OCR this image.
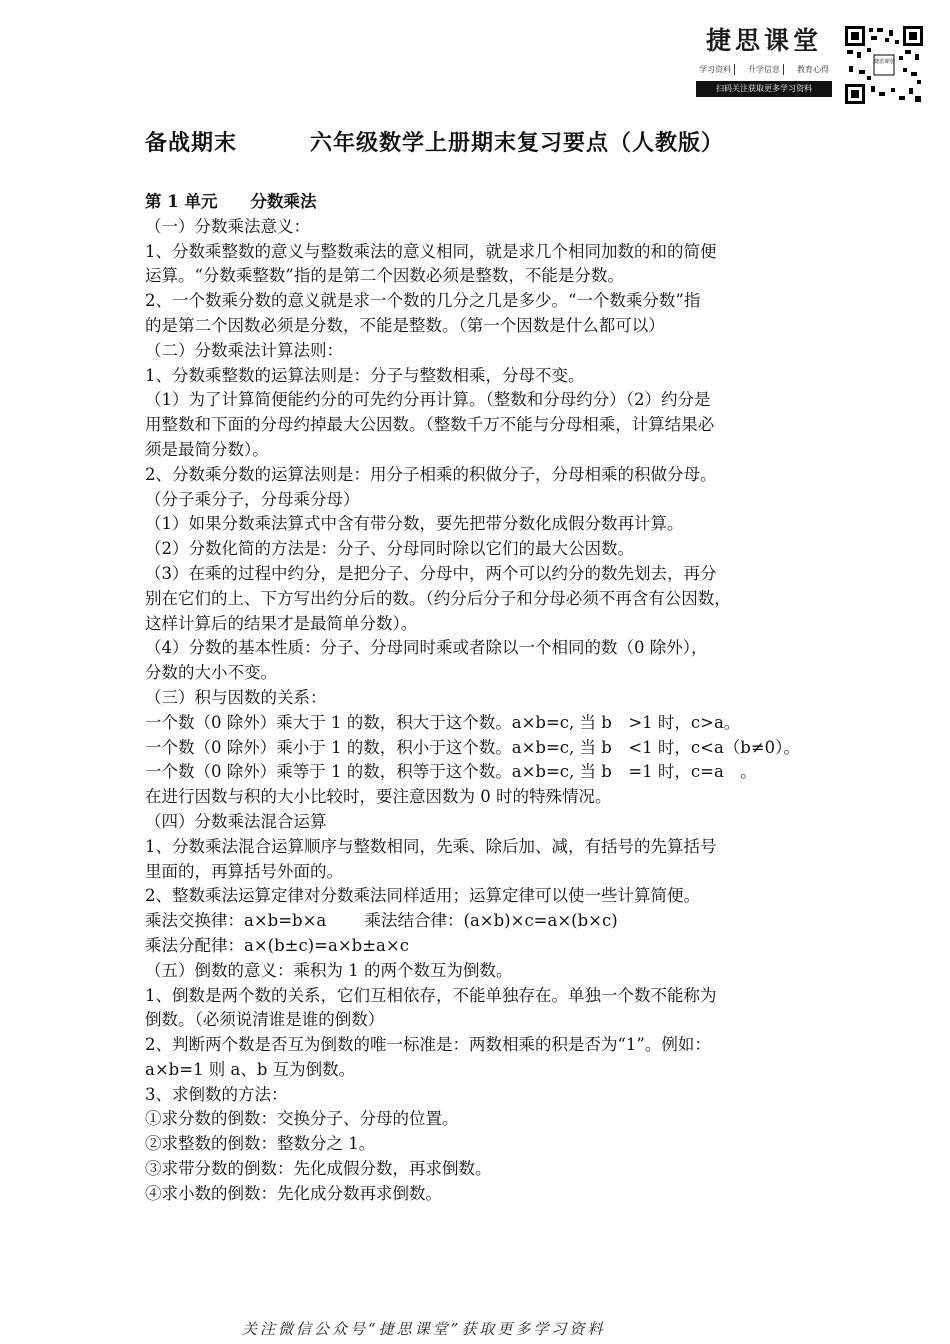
捷思课堂
学习资料	升学信息	教育心得
扫码关注获取更多学习资料
捷思课堂
备战期末	六年级数学上册期末复习要点（人教版）
第 1 单元　　分数乘法
（一）分数乘法意义：
1、分数乘整数的意义与整数乘法的意义相同，就是求几个相同加数的和的简便
运算。“分数乘整数”指的是第二个因数必须是整数，不能是分数。
2、一个数乘分数的意义就是求一个数的几分之几是多少。“一个数乘分数”指
的是第二个因数必须是分数，不能是整数。（第一个因数是什么都可以）
（二）分数乘法计算法则：
1、分数乘整数的运算法则是：分子与整数相乘，分母不变。
（1）为了计算简便能约分的可先约分再计算。（整数和分母约分）（2）约分是
用整数和下面的分母约掉最大公因数。（整数千万不能与分母相乘，计算结果必
须是最简分数）。
2、分数乘分数的运算法则是：用分子相乘的积做分子，分母相乘的积做分母。
（分子乘分子，分母乘分母）
（1）如果分数乘法算式中含有带分数，要先把带分数化成假分数再计算。
（2）分数化简的方法是：分子、分母同时除以它们的最大公因数。
（3）在乘的过程中约分，是把分子、分母中，两个可以约分的数先划去，再分
别在它们的上、下方写出约分后的数。（约分后分子和分母必须不再含有公因数，
这样计算后的结果才是最简单分数）。
（4）分数的基本性质：分子、分母同时乘或者除以一个相同的数（0 除外），
分数的大小不变。
（三）积与因数的关系：
一个数（0 除外）乘大于 1 的数，积大于这个数。a×b=c, 当 b　>1 时，c>a。
一个数（0 除外）乘小于 1 的数，积小于这个数。a×b=c, 当 b　<1 时，c<a（b≠0）。
一个数（0 除外）乘等于 1 的数，积等于这个数。a×b=c, 当 b　=1 时，c=a　。
在进行因数与积的大小比较时，要注意因数为 0 时的特殊情况。
（四）分数乘法混合运算
1、分数乘法混合运算顺序与整数相同，先乘、除后加、减，有括号的先算括号
里面的，再算括号外面的。
2、整数乘法运算定律对分数乘法同样适用；运算定律可以使一些计算简便。
乘法交换律：a×b=b×a　　 乘法结合律：(a×b)×c=a×(b×c)
乘法分配律：a×(b±c)=a×b±a×c
（五）倒数的意义：乘积为 1 的两个数互为倒数。
1、倒数是两个数的关系，它们互相依存，不能单独存在。单独一个数不能称为
倒数。（必须说清谁是谁的倒数）
2、判断两个数是否互为倒数的唯一标准是：两数相乘的积是否为“1”。例如：
a×b=1 则 a、b 互为倒数。
3、求倒数的方法：
①求分数的倒数：交换分子、分母的位置。
②求整数的倒数：整数分之 1。
③求带分数的倒数：先化成假分数，再求倒数。
④求小数的倒数：先化成分数再求倒数。
关注微信公众号“捷思课堂”获取更多学习资料
